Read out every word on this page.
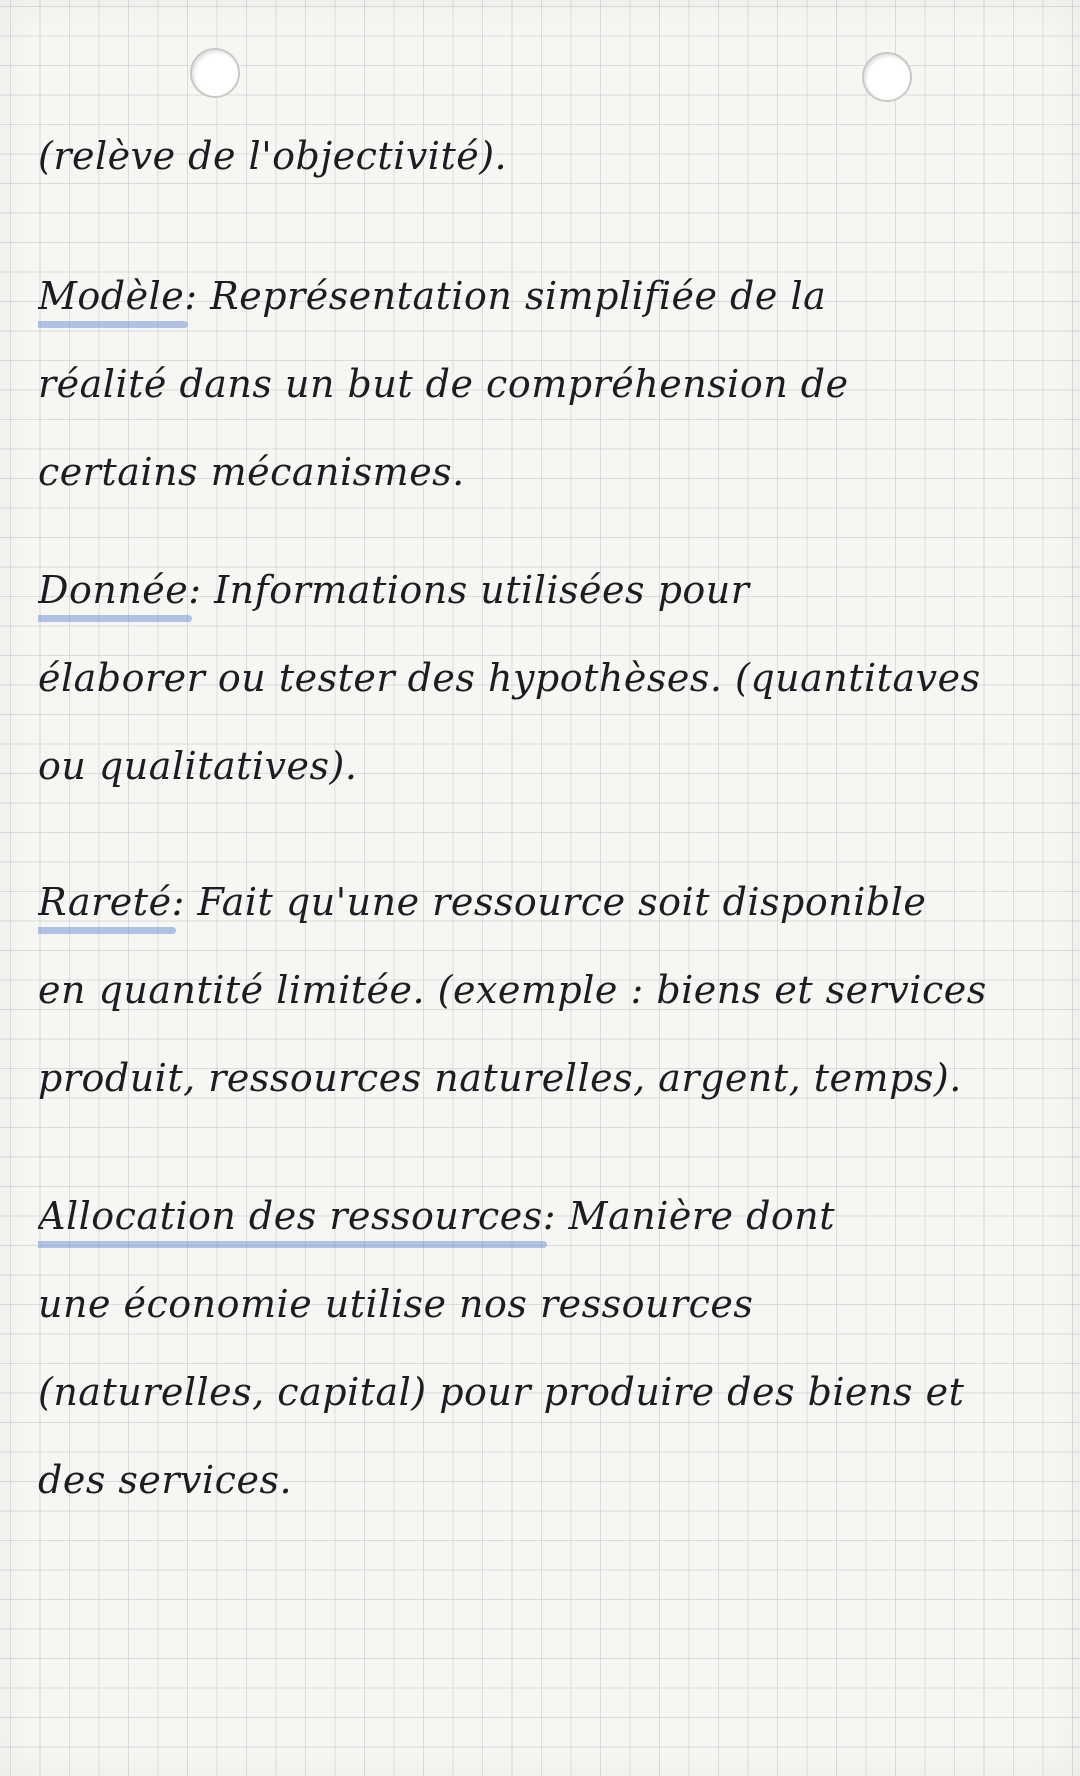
(relève de l'objectivité).
Modèle: Représentation simplifiée de la
réalité dans un but de compréhension de
certains mécanismes.
Donnée: Informations utilisées pour
élaborer ou tester des hypothèses. (quantitaves
ou qualitatives).
Rareté: Fait qu'une ressource soit disponible
en quantité limitée. (exemple : biens et services
produit, ressources naturelles, argent, temps).
Allocation des ressources: Manière dont
une économie utilise nos ressources
(naturelles, capital) pour produire des biens et
des services.
